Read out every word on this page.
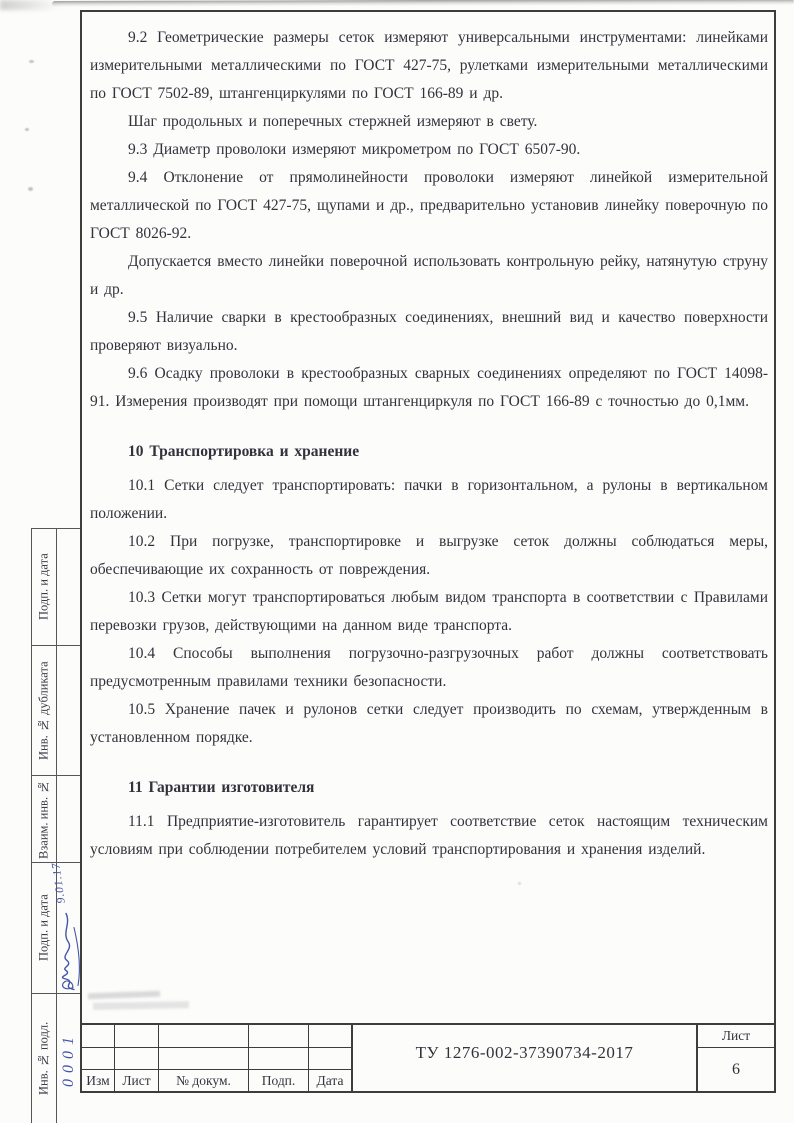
9.2 Геометрические размеры сеток измеряют универсальными инструментами: линейками измерительными металлическими по ГОСТ 427-75, рулетками измерительными металлическими по ГОСТ 7502-89, штангенциркулями по ГОСТ 166-89 и др.

Шаг продольных и поперечных стержней измеряют в свету.

9.3 Диаметр проволоки измеряют микрометром по ГОСТ 6507-90.

9.4 Отклонение от прямолинейности проволоки измеряют линейкой измерительной металлической по ГОСТ 427-75, щупами и др., предварительно установив линейку поверочную по ГОСТ 8026-92.

Допускается вместо линейки поверочной использовать контрольную рейку, натянутую струну и др.

9.5 Наличие сварки в крестообразных соединениях, внешний вид и качество поверхности проверяют визуально.

9.6 Осадку проволоки в крестообразных сварных соединениях определяют по ГОСТ 14098-91. Измерения производят при помощи штангенциркуля по ГОСТ 166-89 с точностью до 0,1мм.

10 Транспортировка и хранение

10.1 Сетки следует транспортировать: пачки в горизонтальном, а рулоны в вертикальном положении.

10.2 При погрузке, транспортировке и выгрузке сеток должны соблюдаться меры, обеспечивающие их сохранность от повреждения.

10.3 Сетки могут транспортироваться любым видом транспорта в соответствии с Правилами перевозки грузов, действующими на данном виде транспорта.

10.4 Способы выполнения погрузочно-разгрузочных работ должны соответствовать предусмотренным правилами техники безопасности.

10.5 Хранение пачек и рулонов сетки следует производить по схемам, утвержденным в установленном порядке.

11 Гарантии изготовителя

11.1 Предприятие-изготовитель гарантирует соответствие сеток настоящим техническим условиям при соблюдении потребителем условий транспортирования и хранения изделий.

Подп. и дата
Инв. № дубликата
Взаим. инв. №
Подп. и дата
9.01.17
Инв. № подл. 0001 Изм Лист	№ докум.	Подп.	Дата
ТУ 1276-002-37390734-2017
Лист
6
